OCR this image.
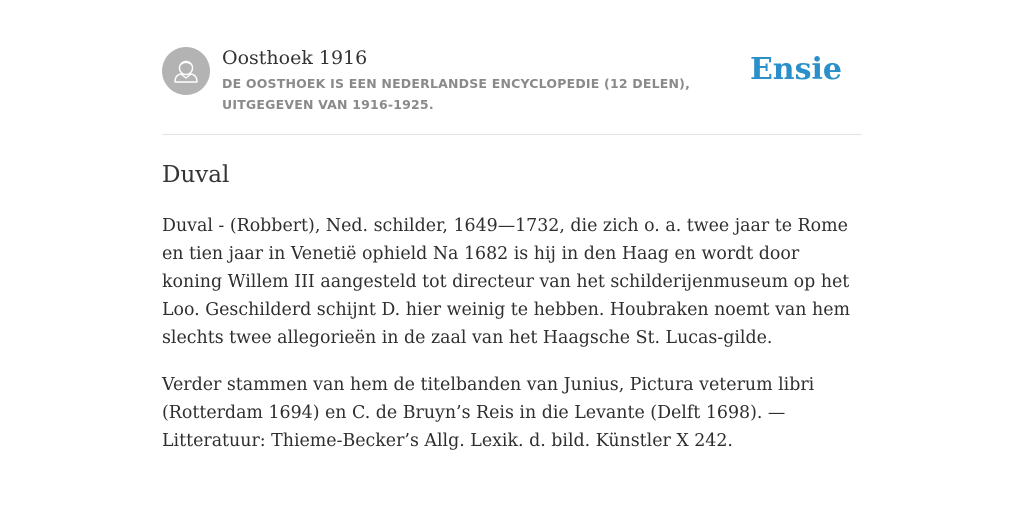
Oosthoek 1916
DE OOSTHOEK IS EEN NEDERLANDSE ENCYCLOPEDIE (12 DELEN), UITGEGEVEN VAN 1916-1925.
Ensie
Duval

Duval - (Robbert), Ned. schilder, 1649—1732, die zich o. a. twee jaar te Rome en tien jaar in Venetië ophield Na 1682 is hij in den Haag en wordt door koning Willem III aangesteld tot directeur van het schilderijenmuseum op het Loo. Geschilderd schijnt D. hier weinig te hebben. Houbraken noemt van hem slechts twee allegorieën in de zaal van het Haagsche St. Lucas-gilde.

Verder stammen van hem de titelbanden van Junius, Pictura veterum libri (Rotterdam 1694) en C. de Bruyn’s Reis in die Levante (Delft 1698). — Litteratuur: Thieme-Becker’s Allg. Lexik. d. bild. Künstler X 242.
